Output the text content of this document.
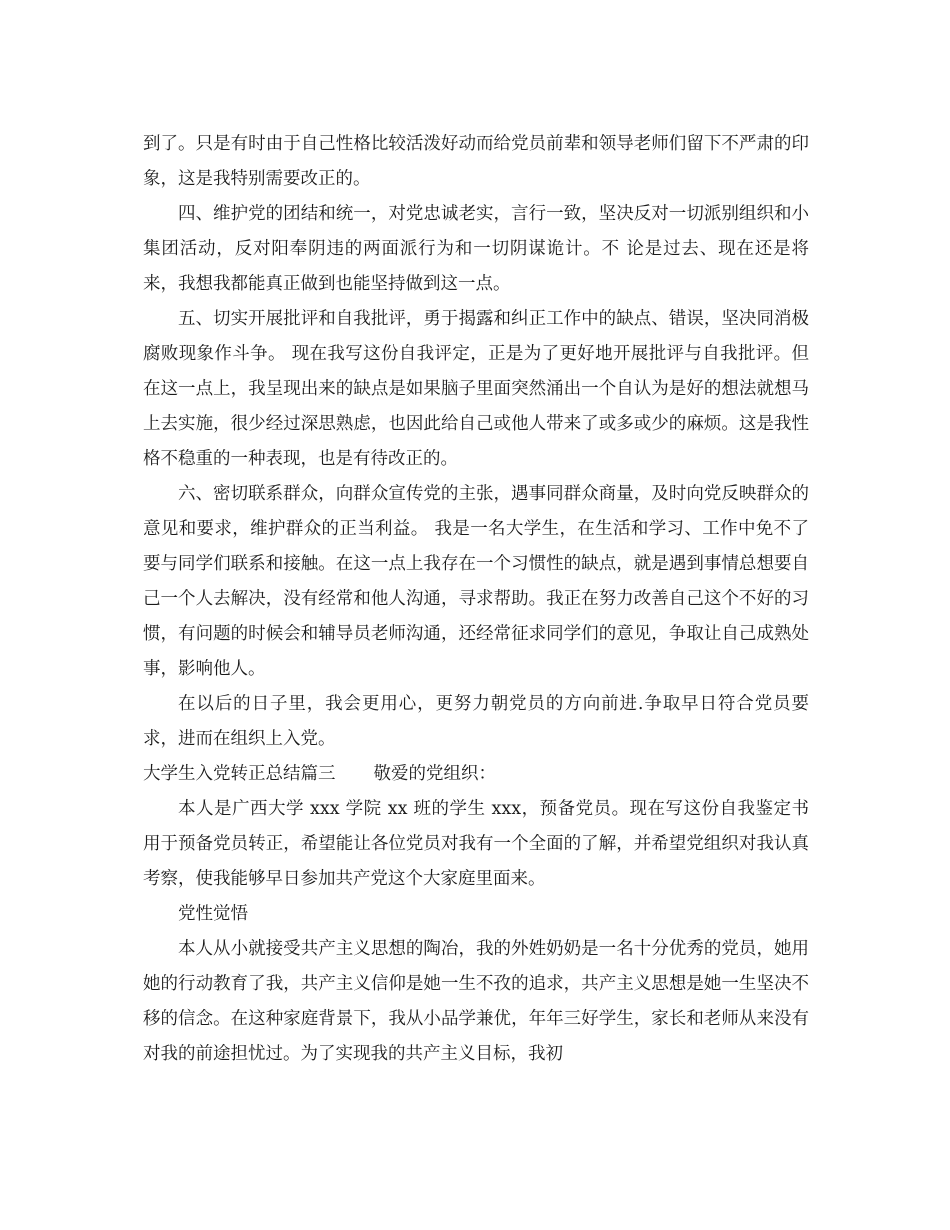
到了。只是有时由于自己性格比较活泼好动而给党员前辈和领导老师们留下不严肃的印象，这是我特别需要改正的。

四、维护党的团结和统一，对党忠诚老实，言行一致，坚决反对一切派别组织和小集团活动，反对阳奉阴违的两面派行为和一切阴谋诡计。不 论是过去、现在还是将来，我想我都能真正做到也能坚持做到这一点。

五、切实开展批评和自我批评，勇于揭露和纠正工作中的缺点、错误，坚决同消极腐败现象作斗争。 现在我写这份自我评定，正是为了更好地开展批评与自我批评。但在这一点上，我呈现出来的缺点是如果脑子里面突然涌出一个自认为是好的想法就想马上去实施，很少经过深思熟虑，也因此给自己或他人带来了或多或少的麻烦。这是我性格不稳重的一种表现，也是有待改正的。

六、密切联系群众，向群众宣传党的主张，遇事同群众商量，及时向党反映群众的意见和要求，维护群众的正当利益。 我是一名大学生，在生活和学习、工作中免不了要与同学们联系和接触。在这一点上我存在一个习惯性的缺点，就是遇到事情总想要自己一个人去解决，没有经常和他人沟通，寻求帮助。我正在努力改善自己这个不好的习惯，有问题的时候会和辅导员老师沟通，还经常征求同学们的意见，争取让自己成熟处事，影响他人。

在以后的日子里，我会更用心，更努力朝党员的方向前进.争取早日符合党员要求，进而在组织上入党。

大学生入党转正总结篇三 敬爱的党组织：

本人是广西大学 xxx 学院 xx 班的学生 xxx，预备党员。现在写这份自我鉴定书用于预备党员转正，希望能让各位党员对我有一个全面的了解，并希望党组织对我认真考察，使我能够早日参加共产党这个大家庭里面来。

党性觉悟

本人从小就接受共产主义思想的陶冶，我的外姓奶奶是一名十分优秀的党员，她用她的行动教育了我，共产主义信仰是她一生不孜的追求，共产主义思想是她一生坚决不移的信念。在这种家庭背景下，我从小品学兼优，年年三好学生，家长和老师从来没有对我的前途担忧过。为了实现我的共产主义目标，我初
